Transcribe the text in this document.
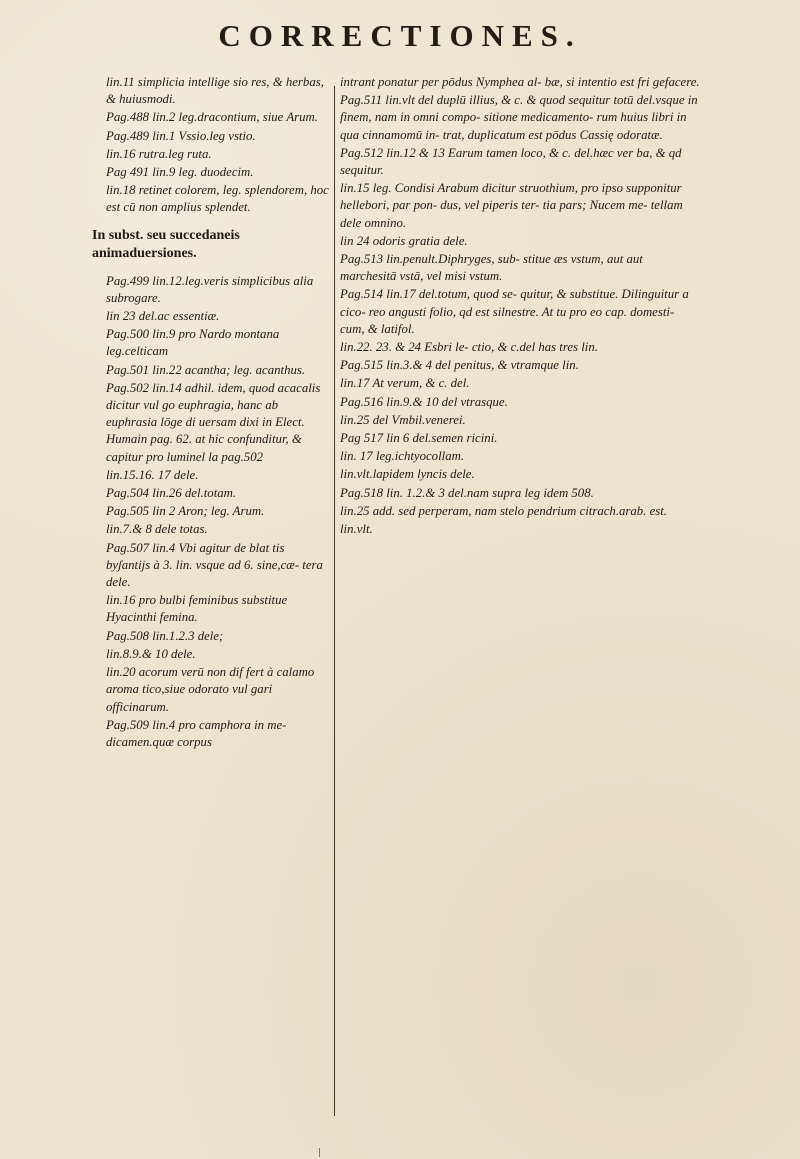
CORRECTIONES.
lin.11 simplicia intellige sio res, & herbas, & huiusmodi.
Pag.488 lin.2 leg.dracontium, siue Arum.
Pag.489 lin.1 Vssio.leg vstio.
lin.16 rutra.leg ruta.
Pag 491 lin.9 leg. duodecim.
lin.18 retinet colorem, leg. splendorem, hoc est cū non amplius splendet.
In subst. seu succedaneis animaduersiones.
Pag.499 lin.12.leg.veris simplicibus alia subrogare.
lin 23 del.ac essentiæ.
Pag.500 lin.9 pro Nardo montana leg.celticam
Pag.501 lin.22 acantha; leg. acanthus.
Pag.502 lin.14 adhil. idem, quod acacalis dicitur vul go euphragia, hanc ab euphrasia lōge di uersam dixi in Elect. Humain pag. 62. at hic confunditur, & capitur pro luminel la pag.502
lin.15.16. 17 dele.
Pag.504 lin.26 del.totam.
Pag.505 lin 2 Aron; leg. Arum.
lin.7.& 8 dele totas.
Pag.507 lin.4 Vbi agitur de blat tis byʃantijs à 3. lin. vsque ad 6. sine,cæ- tera dele.
lin.16 pro bulbi feminibus substitue Hyacinthi femina.
Pag.508 lin.1.2.3 dele;
lin.8.9.& 10 dele.
lin.20 acorum verū non dif fert à calamo aroma tico,siue odorato vul gari officinarum.
Pag.509 lin.4 pro camphora in me- dicamen.quæ corpus
intrant ponatur per pōdus Nymphea al- bæ, si intentio est fri gefacere.
Pag.511 lin.vlt del duplū illius, & c. & quod sequitur totū del.vsque in finem, nam in omni compo- sitione medicamento- rum huius libri in qua cinnamomū in- trat, duplicatum est pōdus Cassię odoratæ.
Pag.512 lin.12 & 13 Earum tamen loco, & c. del.hæc ver ba, & qd sequitur.
lin.15 leg. Condisi Arabum dicitur struothium, pro ipso supponitur hellebori, par pon- dus, vel piperis ter- tia pars; Nucem me- tellam dele omnino.
lin 24 odoris gratia dele.
Pag.513 lin.penult.Diphryges, sub- stitue æs vstum, aut aut marchesitā vstā, vel misi vstum.
Pag.514 lin.17 del.totum, quod se- quitur, & substitue. Dilinguitur a cico- reo angusti folio, qd est silnestre. At tu pro eo cap. domesti- cum, & latifol.
lin.22. 23. & 24 Esbri le- ctio, & c.del has tres lin.
Pag.515 lin.3.& 4 del penitus, & vtramque lin.
lin.17 At verum, & c. del.
Pag.516 lin.9.& 10 del vtrasque.
lin.25 del Vmbil.venerei.
Pag 517 lin 6 del.semen ricini.
lin. 17 leg.ichtyocollam.
lin.vlt.lapidem lyncis dele.
Pag.518 lin. 1.2.& 3 del.nam supra leg idem 508.
lin.25 add. sed perperam, nam stelo pendrium citrach.arab. est.
lin.vlt.
